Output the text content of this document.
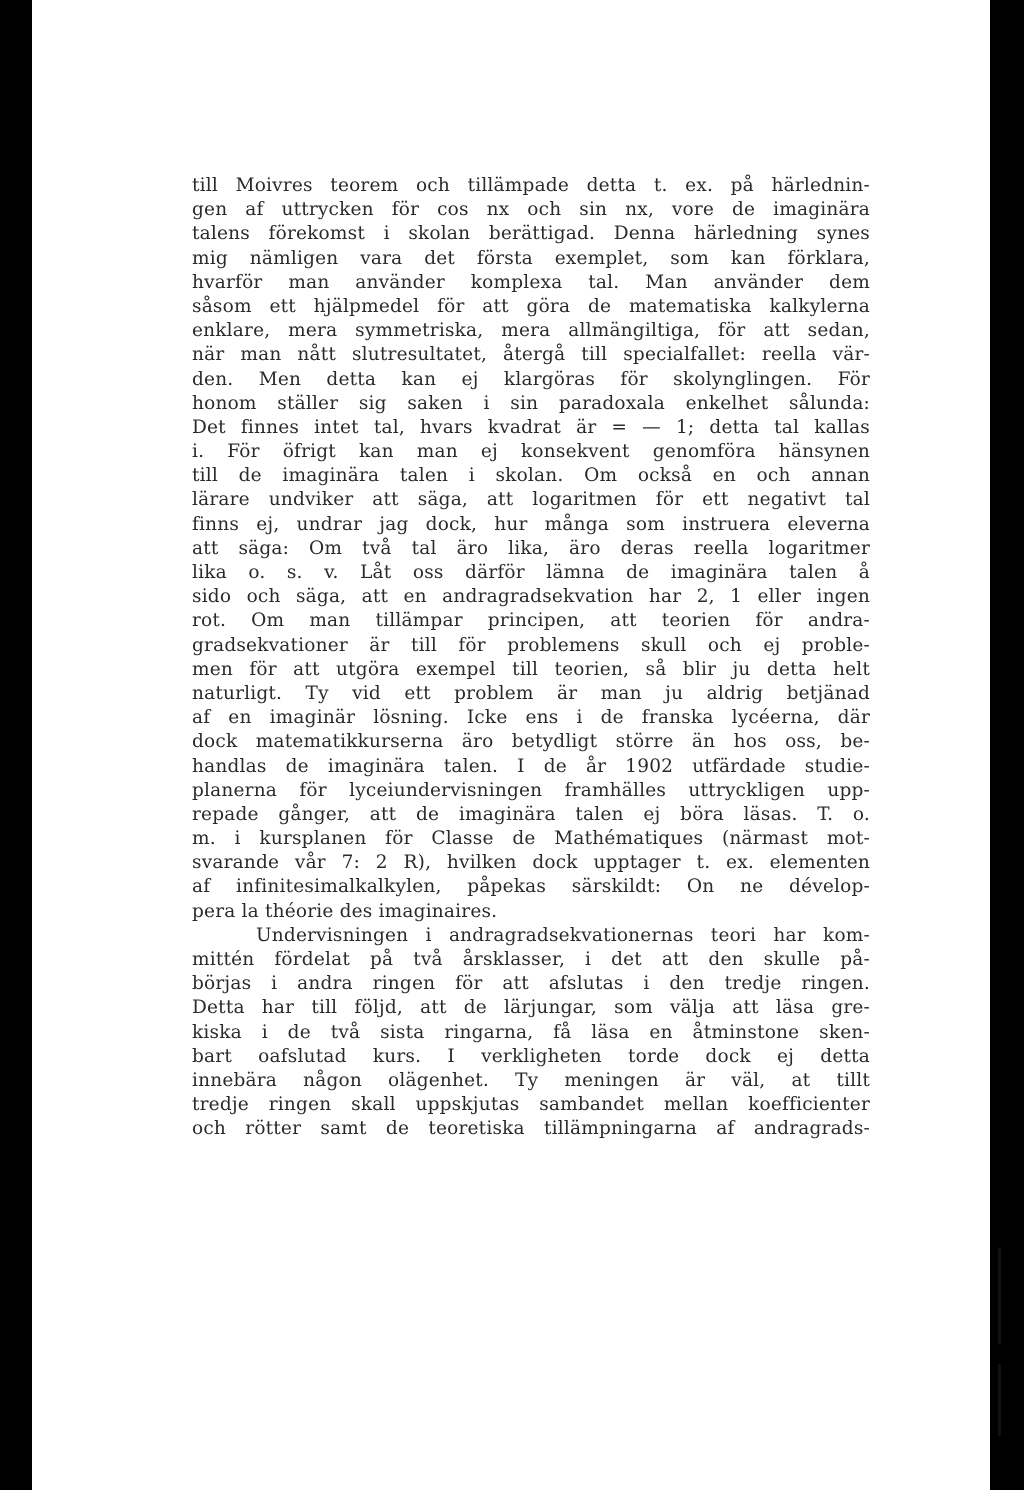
till Moivres teorem och tillämpade detta t. ex. på härlednin-
gen af uttrycken för cos nx och sin nx, vore de imaginära
talens förekomst i skolan berättigad. Denna härledning synes
mig nämligen vara det första exemplet, som kan förklara,
hvarför man använder komplexa tal. Man använder dem
såsom ett hjälpmedel för att göra de matematiska kalkylerna
enklare, mera symmetriska, mera allmängiltiga, för att sedan,
när man nått slutresultatet, återgå till specialfallet: reella vär-
den. Men detta kan ej klargöras för skolynglingen. För
honom ställer sig saken i sin paradoxala enkelhet sålunda:
Det finnes intet tal, hvars kvadrat är = — 1; detta tal kallas
i. För öfrigt kan man ej konsekvent genomföra hänsynen
till de imaginära talen i skolan. Om också en och annan
lärare undviker att säga, att logaritmen för ett negativt tal
finns ej, undrar jag dock, hur många som instruera eleverna
att säga: Om två tal äro lika, äro deras reella logaritmer
lika o. s. v. Låt oss därför lämna de imaginära talen å
sido och säga, att en andragradsekvation har 2, 1 eller ingen
rot. Om man tillämpar principen, att teorien för andra-
gradsekvationer är till för problemens skull och ej proble-
men för att utgöra exempel till teorien, så blir ju detta helt
naturligt. Ty vid ett problem är man ju aldrig betjänad
af en imaginär lösning. Icke ens i de franska lycéerna, där
dock matematikkurserna äro betydligt större än hos oss, be-
handlas de imaginära talen. I de år 1902 utfärdade studie-
planerna för lyceiundervisningen framhälles uttryckligen upp-
repade gånger, att de imaginära talen ej böra läsas. T. o.
m. i kursplanen för Classe de Mathématiques (närmast mot-
svarande vår 7: 2 R), hvilken dock upptager t. ex. elementen
af infinitesimalkalkylen, påpekas särskildt: On ne dévelop-
pera la théorie des imaginaires.
Undervisningen i andragradsekvationernas teori har kom-
mittén fördelat på två årsklasser, i det att den skulle på-
börjas i andra ringen för att afslutas i den tredje ringen.
Detta har till följd, att de lärjungar, som välja att läsa gre-
kiska i de två sista ringarna, få läsa en åtminstone sken-
bart oafslutad kurs. I verkligheten torde dock ej detta
innebära någon olägenhet. Ty meningen är väl, at tillt
tredje ringen skall uppskjutas sambandet mellan koefficienter
och rötter samt de teoretiska tillämpningarna af andragrads-
